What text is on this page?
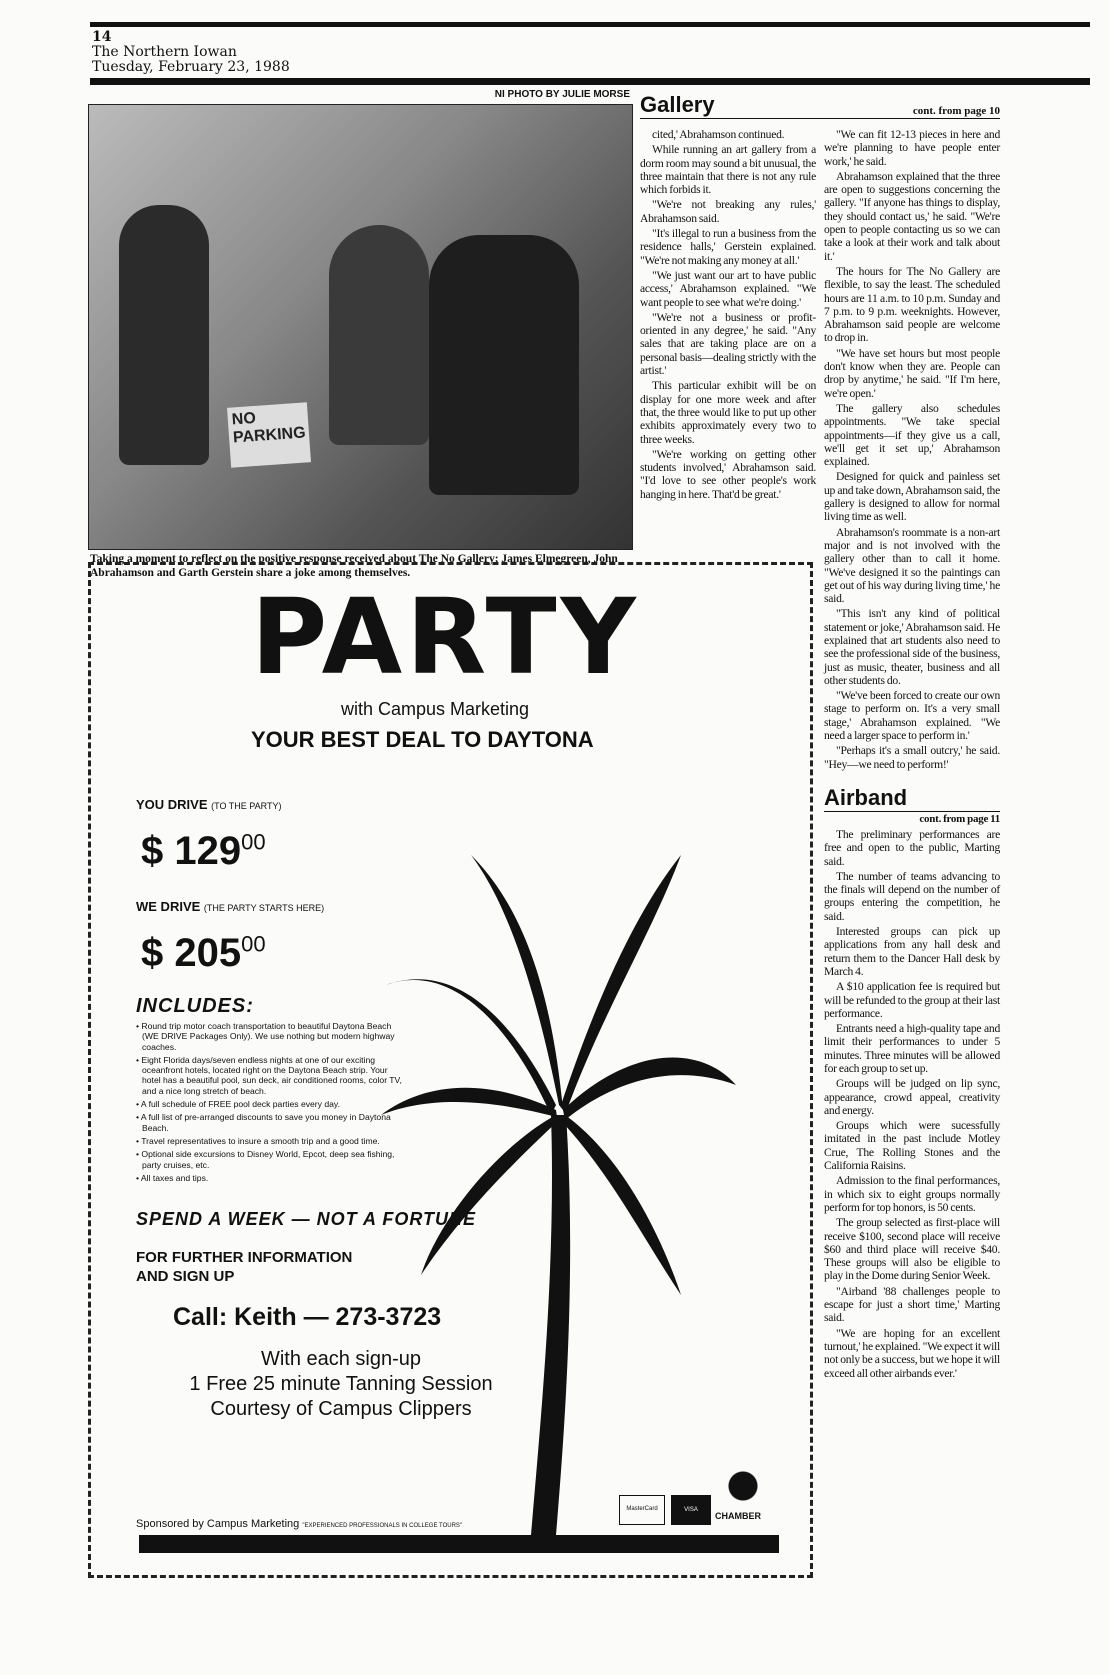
14
The Northern Iowan
Tuesday, February 23, 1988
NO PARKING
NI PHOTO BY JULIE MORSE
Taking a moment to reflect on the positive response received about The No Gallery; James Elmegreen, John Abrahamson and Garth Gerstein share a joke among themselves.
Gallery	cont. from page 10

cited,' Abrahamson continued.

While running an art gallery from a dorm room may sound a bit unusual, the three maintain that there is not any rule which forbids it.

"We're not breaking any rules,' Abrahamson said.

"It's illegal to run a business from the residence halls,' Gerstein explained. "We're not making any money at all.'

"We just want our art to have public access,' Abrahamson explained. "We want people to see what we're doing.'

"We're not a business or profit-oriented in any degree,' he said. "Any sales that are taking place are on a personal basis—dealing strictly with the artist.'

This particular exhibit will be on display for one more week and after that, the three would like to put up other exhibits approximately every two to three weeks.

"We're working on getting other students involved,' Abrahamson said. "I'd love to see other people's work hanging in here. That'd be great.'

"We can fit 12-13 pieces in here and we're planning to have people enter work,' he said.

Abrahamson explained that the three are open to suggestions concerning the gallery. "If anyone has things to display, they should contact us,' he said. "We're open to people contacting us so we can take a look at their work and talk about it.'

The hours for The No Gallery are flexible, to say the least. The scheduled hours are 11 a.m. to 10 p.m. Sunday and 7 p.m. to 9 p.m. weeknights. However, Abrahamson said people are welcome to drop in.

"We have set hours but most people don't know when they are. People can drop by anytime,' he said. "If I'm here, we're open.'

The gallery also schedules appointments. "We take special appointments—if they give us a call, we'll get it set up,' Abrahamson explained.

Designed for quick and painless set up and take down, Abrahamson said, the gallery is designed to allow for normal living time as well.

Abrahamson's roommate is a non-art major and is not involved with the gallery other than to call it home. "We've designed it so the paintings can get out of his way during living time,' he said.

"This isn't any kind of political statement or joke,' Abrahamson said. He explained that art students also need to see the professional side of the business, just as music, theater, business and all other students do.

"We've been forced to create our own stage to perform on. It's a very small stage,' Abrahamson explained. "We need a larger space to perform in.'

"Perhaps it's a small outcry,' he said. "Hey—we need to perform!'

Airband
cont. from page 11

The preliminary performances are free and open to the public, Marting said.

The number of teams advancing to the finals will depend on the number of groups entering the competition, he said.

Interested groups can pick up applications from any hall desk and return them to the Dancer Hall desk by March 4.

A $10 application fee is required but will be refunded to the group at their last performance.

Entrants need a high-quality tape and limit their performances to under 5 minutes. Three minutes will be allowed for each group to set up.

Groups will be judged on lip sync, appearance, crowd appeal, creativity and energy.

Groups which were sucessfully imitated in the past include Motley Crue, The Rolling Stones and the California Raisins.

Admission to the final performances, in which six to eight groups normally perform for top honors, is 50 cents.

The group selected as first-place will receive $100, second place will receive $60 and third place will receive $40. These groups will also be eligible to play in the Dome during Senior Week.

"Airband '88 challenges people to escape for just a short time,' Marting said.

"We are hoping for an excellent turnout,' he explained. "We expect it will not only be a success, but we hope it will exceed all other airbands ever.'

PARTY
with Campus Marketing
YOUR BEST DEAL TO DAYTONA
YOU DRIVE (TO THE PARTY)
$ $129^{00}$
WE DRIVE (THE PARTY STARTS HERE)
$ $205^{00}$
INCLUDES:
• Round trip motor coach transportation to beautiful Daytona Beach (WE DRIVE Packages Only). We use nothing but modern highway coaches.
• Eight Florida days/seven endless nights at one of our exciting oceanfront hotels, located right on the Daytona Beach strip. Your hotel has a beautiful pool, sun deck, air conditioned rooms, color TV, and a nice long stretch of beach.
• A full schedule of FREE pool deck parties every day.
• A full list of pre-arranged discounts to save you money in Daytona Beach.
• Travel representatives to insure a smooth trip and a good time.
• Optional side excursions to Disney World, Epcot, deep sea fishing, party cruises, etc.
• All taxes and tips.
SPEND A WEEK — NOT A FORTUNE
FOR FURTHER INFORMATION
AND SIGN UP
Call: Keith — 273-3723
With each sign-up
1 Free 25 minute Tanning Session
Courtesy of Campus Clippers
Sponsored by Campus Marketing "EXPERIENCED PROFESSIONALS IN COLLEGE TOURS"
MasterCard	VISA
CHAMBER
